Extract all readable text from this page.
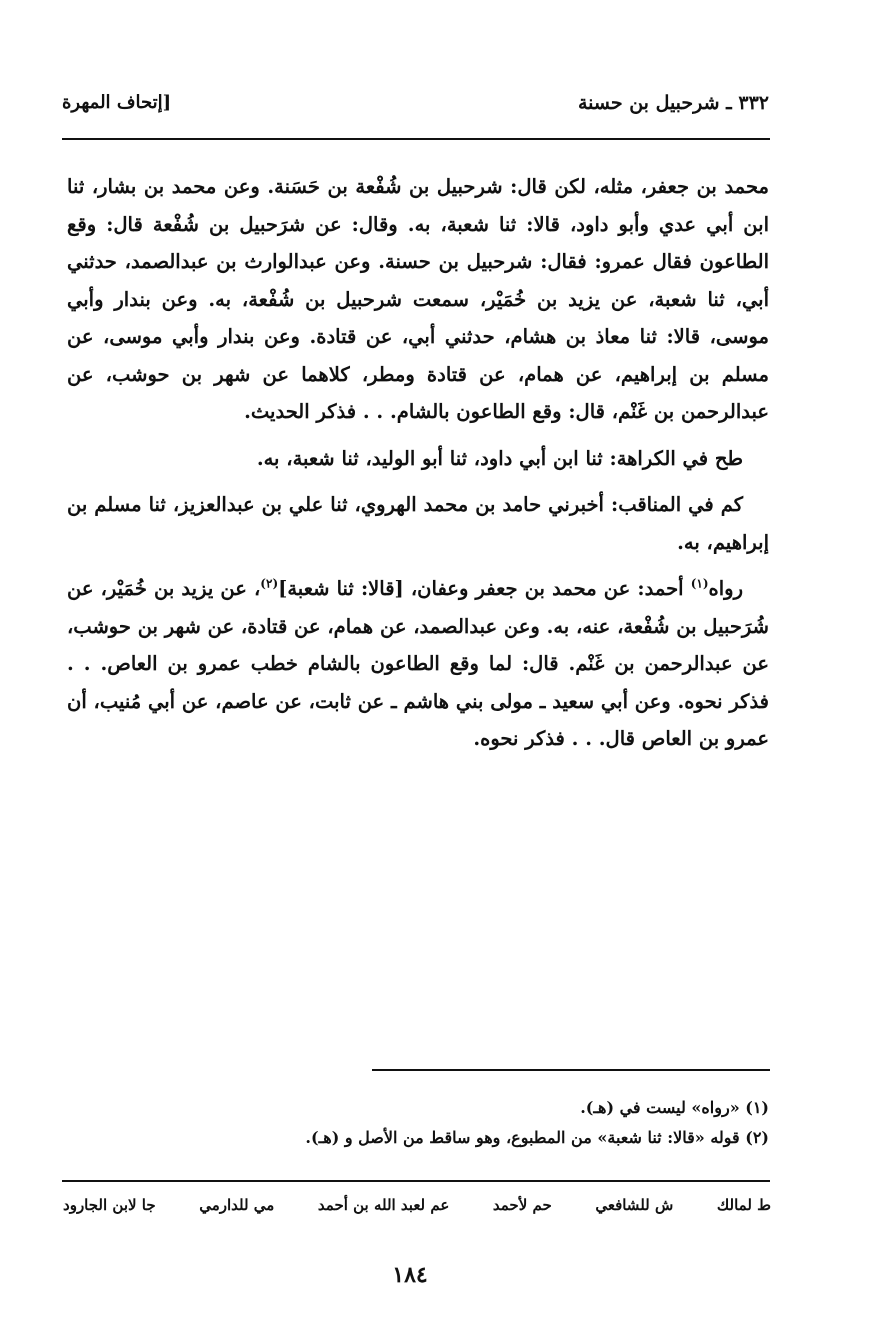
٣٣٢ ـ شرحبيل بن حسنة
[إتحاف المهرة

محمد بن جعفر، مثله، لكن قال: شرحبيل بن شُفْعة بن حَسَنة. وعن محمد بن بشار، ثنا ابن أبي عدي وأبو داود، قالا: ثنا شعبة، به. وقال: عن شرَحبيل بن شُفْعة قال: وقع الطاعون فقال عمرو: فقال: شرحبيل بن حسنة. وعن عبدالوارث بن عبدالصمد، حدثني أبي، ثنا شعبة، عن يزيد بن خُمَيْر، سمعت شرحبيل بن شُفْعة، به. وعن بندار وأبي موسى، قالا: ثنا معاذ بن هشام، حدثني أبي، عن قتادة. وعن بندار وأبي موسى، عن مسلم بن إبراهيم، عن همام، عن قتادة ومطر، كلاهما عن شهر بن حوشب، عن عبدالرحمن بن غَنْم، قال: وقع الطاعون بالشام. . . فذكر الحديث.

طح في الكراهة: ثنا ابن أبي داود، ثنا أبو الوليد، ثنا شعبة، به.

كم في المناقب: أخبرني حامد بن محمد الهروي، ثنا علي بن عبدالعزيز، ثنا مسلم بن إبراهيم، به.

رواه$^{(١)}$ أحمد: عن محمد بن جعفر وعفان، [قالا: ثنا شعبة]$^{(٢)}$، عن يزيد بن خُمَيْر، عن شُرَحبيل بن شُفْعة، عنه، به. وعن عبدالصمد، عن همام، عن قتادة، عن شهر بن حوشب، عن عبدالرحمن بن غَنْم. قال: لما وقع الطاعون بالشام خطب عمرو بن العاص. . . فذكر نحوه. وعن أبي سعيد ـ مولى بني هاشم ـ عن ثابت، عن عاصم، عن أبي مُنيب، أن عمرو بن العاص قال. . . فذكر نحوه.

(١) «رواه» ليست في (هـ).

(٢) قوله «قالا: ثنا شعبة» من المطبوع، وهو ساقط من الأصل و (هـ).

ط لمالك
ش للشافعي
حم لأحمد
عم لعبد الله بن أحمد
مي للدارمي
جا لابن الجارود
١٨٤
